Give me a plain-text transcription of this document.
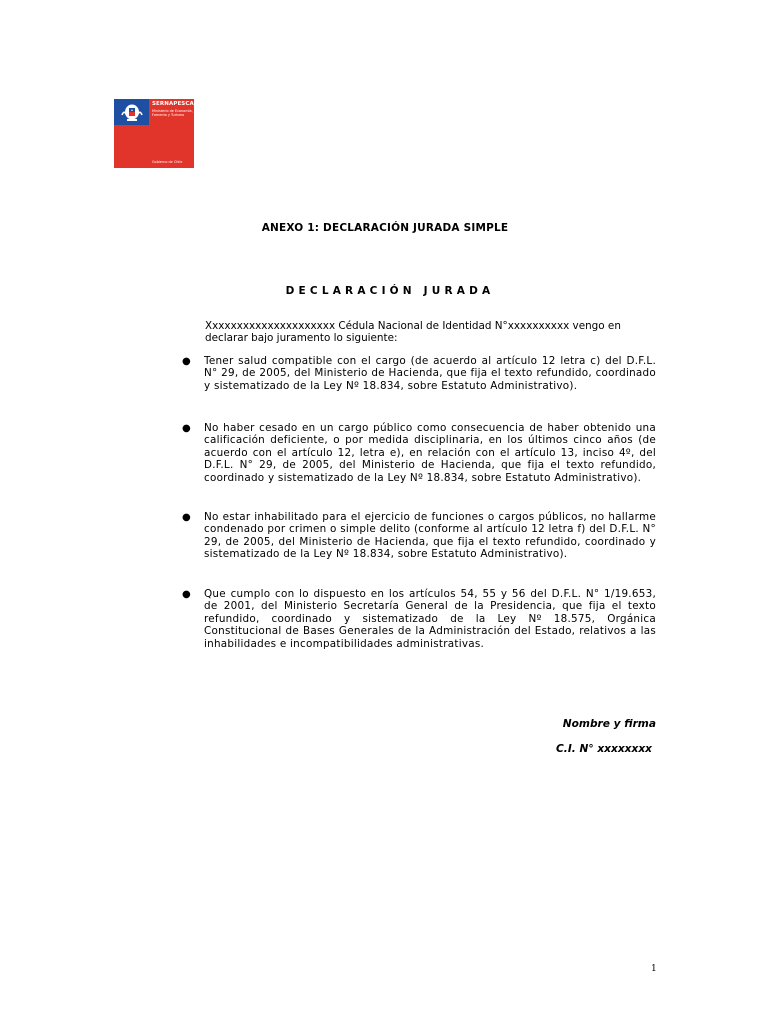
SERNAPESCA
Ministerio de Economía, Fomento y Turismo
Gobierno de Chile
ANEXO 1: DECLARACIÓN JURADA SIMPLE
DECLARACIÓN JURADA
Xxxxxxxxxxxxxxxxxxxxx Cédula Nacional de Identidad N°xxxxxxxxxx vengo en declarar bajo juramento lo siguiente:
● Tener salud compatible con el cargo (de acuerdo al artículo 12 letra c) del D.F.L. N° 29, de 2005, del Ministerio de Hacienda, que fija el texto refundido, coordinado y sistematizado de la Ley Nº 18.834, sobre Estatuto Administrativo).
● No haber cesado en un cargo público como consecuencia de haber obtenido una calificación deficiente, o por medida disciplinaria, en los últimos cinco años (de acuerdo con el artículo 12, letra e), en relación con el artículo 13, inciso 4º, del D.F.L. N° 29, de 2005, del Ministerio de Hacienda, que fija el texto refundido, coordinado y sistematizado de la Ley Nº 18.834, sobre Estatuto Administrativo).
● No estar inhabilitado para el ejercicio de funciones o cargos públicos, no hallarme condenado por crimen o simple delito (conforme al artículo 12 letra f) del D.F.L. N° 29, de 2005, del Ministerio de Hacienda, que fija el texto refundido, coordinado y sistematizado de la Ley Nº 18.834, sobre Estatuto Administrativo).
● Que cumplo con lo dispuesto en los artículos 54, 55 y 56 del D.F.L. N° 1/19.653, de 2001, del Ministerio Secretaría General de la Presidencia, que fija el texto refundido, coordinado y sistematizado de la Ley Nº 18.575, Orgánica Constitucional de Bases Generales de la Administración del Estado, relativos a las inhabilidades e incompatibilidades administrativas.
Nombre y firma
C.I. N° xxxxxxxx
1
